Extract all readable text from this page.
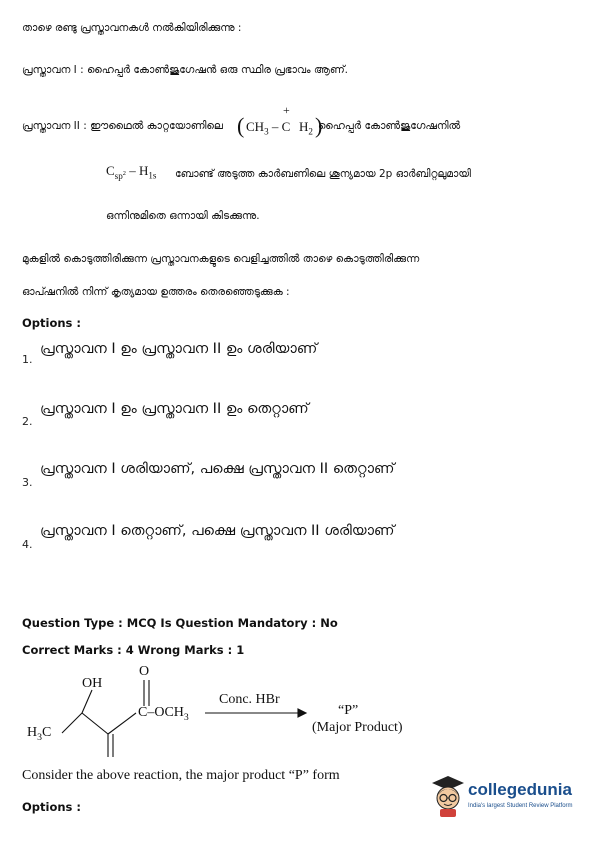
താഴെ രണ്ടു പ്രസ്താവനകൾ നൽകിയിരിക്കുന്നു :
പ്രസ്താവന I : ഹൈപ്പർ കോൺജുഗേഷൻ ഒരു സ്ഥിര പ്രഭാവം ആണ്.
പ്രസ്താവന II : ഈഥൈൽ കാറ്റയോണിലെ ( $CH_3$ – C
+
$H_2$ )
ഹൈപ്പർ കോൺജുഗേഷനിൽ
$C_{sp^2} - H_{1s}$ ബോണ്ട് അടുത്ത കാർബണിലെ ശൂന്യമായ 2p ഓർബിറ്റലുമായി
ഒന്നിനുമിതെ ഒന്നായി കിടക്കുന്നു.
മുകളിൽ കൊടുത്തിരിക്കുന്ന പ്രസ്താവനകളുടെ വെളിച്ചത്തിൽ താഴെ കൊടുത്തിരിക്കുന്ന
ഓപ്ഷനിൽ നിന്ന് കൃത്യമായ ഉത്തരം തെരഞ്ഞെടുക്കുക :
Options :
1.
പ്രസ്താവന I ഉം പ്രസ്താവന II ഉം ശരിയാണ്
2.
പ്രസ്താവന I ഉം പ്രസ്താവന II ഉം തെറ്റാണ്
3.
പ്രസ്താവന I ശരിയാണ്, പക്ഷെ പ്രസ്താവന II തെറ്റാണ്
4.
പ്രസ്താവന I തെറ്റാണ്, പക്ഷെ പ്രസ്താവന II ശരിയാണ്
Question Type : MCQ Is Question Mandatory : No
Correct Marks : 4 Wrong Marks : 1
OH
O
$C-OCH_3$
$H_3C$
Conc. HBr
“P”
(Major Product)
Consider the above reaction, the major product “P” form
Options :
collegedunia
India's largest Student Review Platform
